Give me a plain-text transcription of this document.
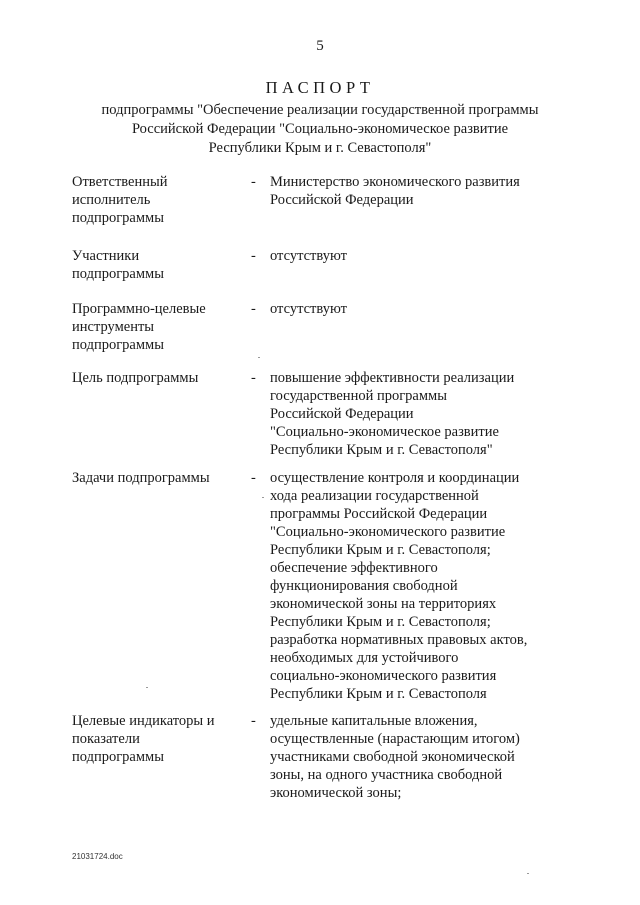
5
ПАСПОРТ
подпрограммы "Обеспечение реализации государственной программы
Российской Федерации "Социально-экономическое развитие
Республики Крым и г. Севастополя"
Ответственный
исполнитель
подпрограммы
- Министерство экономического развития
Российской Федерации
Участники
подпрограммы
- отсутствуют
Программно-целевые
инструменты
подпрограммы
- отсутствуют
Цель подпрограммы	- повышение эффективности реализации
государственной программы
Российской Федерации
"Социально-экономическое развитие
Республики Крым и г. Севастополя"
Задачи подпрограммы	- осуществление контроля и координации
хода реализации государственной
программы Российской Федерации
"Социально-экономического развитие
Республики Крым и г. Севастополя;
обеспечение эффективного
функционирования свободной
экономической зоны на территориях
Республики Крым и г. Севастополя;
разработка нормативных правовых актов,
необходимых для устойчивого
социально-экономического развития
Республики Крым и г. Севастополя
Целевые индикаторы и
показатели
подпрограммы
- удельные капитальные вложения,
осуществленные (нарастающим итогом)
участниками свободной экономической
зоны, на одного участника свободной
экономической зоны;
21031724.doc
